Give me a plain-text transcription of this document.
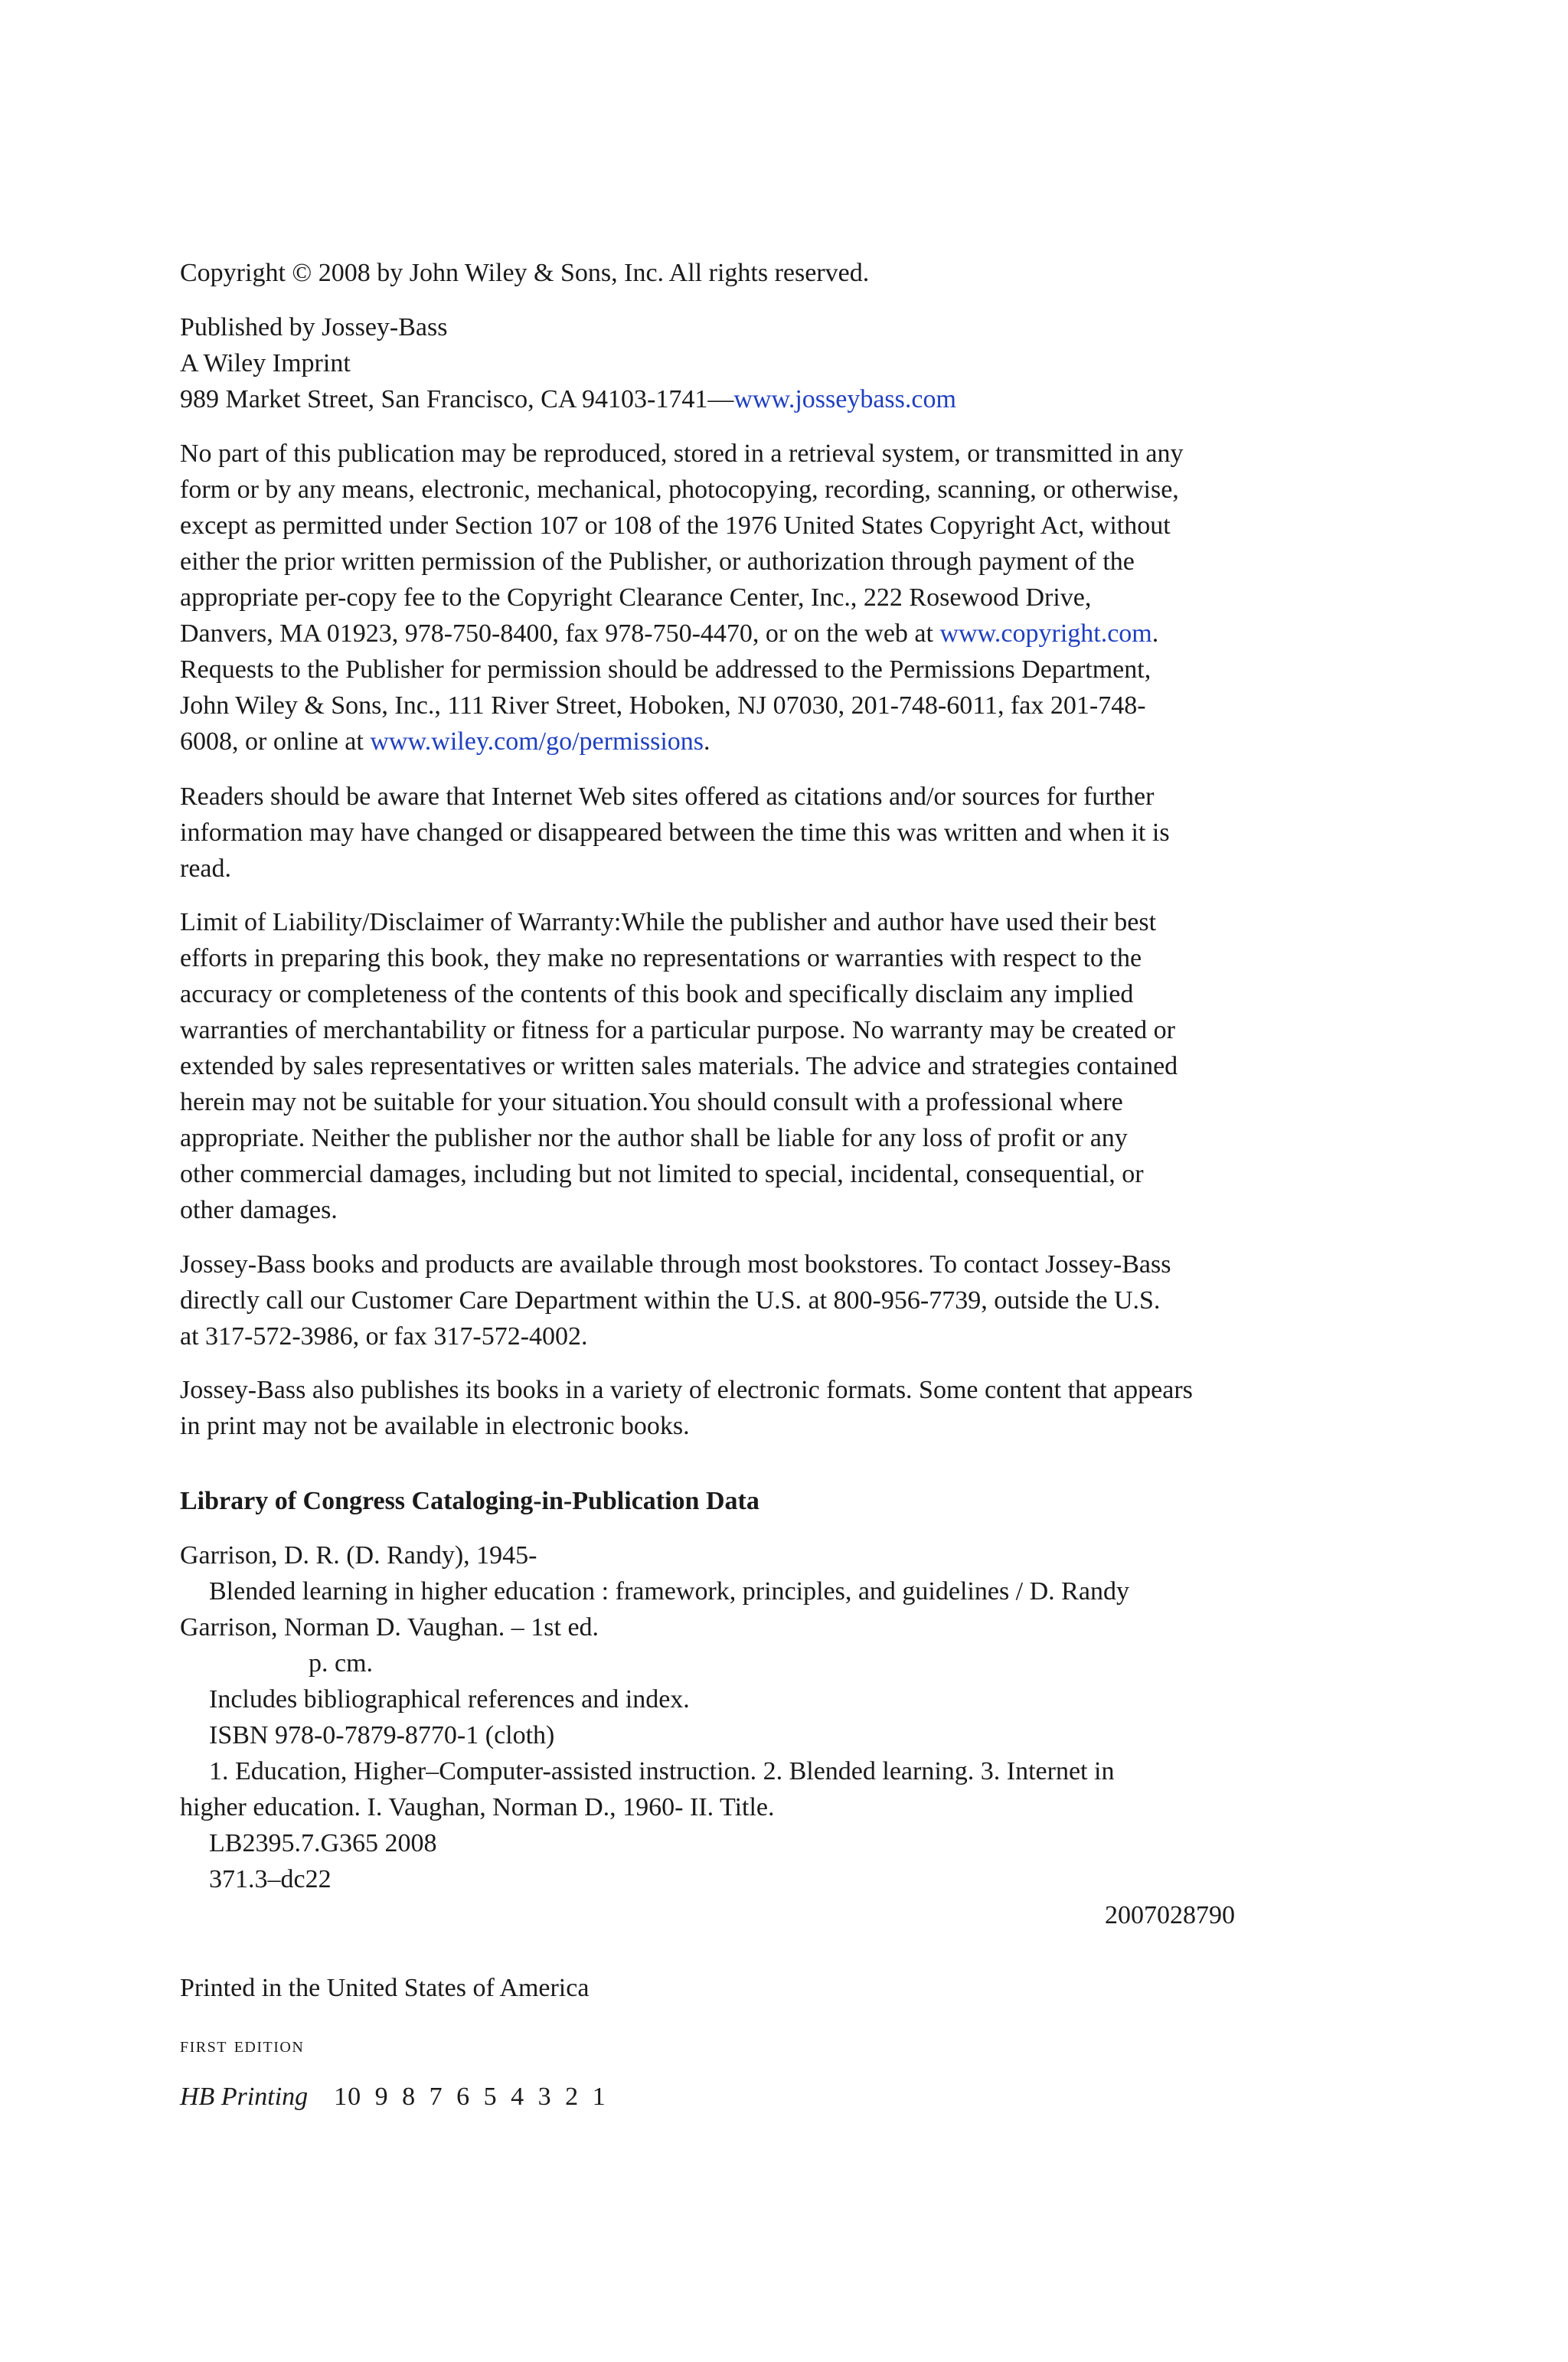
Copyright © 2008 by John Wiley & Sons, Inc. All rights reserved.

Published by Jossey-Bass
A Wiley Imprint
989 Market Street, San Francisco, CA 94103-1741—www.josseybass.com

No part of this publication may be reproduced, stored in a retrieval system, or transmitted in any
form or by any means, electronic, mechanical, photocopying, recording, scanning, or otherwise,
except as permitted under Section 107 or 108 of the 1976 United States Copyright Act, without
either the prior written permission of the Publisher, or authorization through payment of the
appropriate per-copy fee to the Copyright Clearance Center, Inc., 222 Rosewood Drive,
Danvers, MA 01923, 978-750-8400, fax 978-750-4470, or on the web at www.copyright.com.
Requests to the Publisher for permission should be addressed to the Permissions Department,
John Wiley & Sons, Inc., 111 River Street, Hoboken, NJ 07030, 201-748-6011, fax 201-748-
6008, or online at www.wiley.com/go/permissions.

Readers should be aware that Internet Web sites offered as citations and/or sources for further
information may have changed or disappeared between the time this was written and when it is
read.

Limit of Liability/Disclaimer of Warranty:While the publisher and author have used their best
efforts in preparing this book, they make no representations or warranties with respect to the
accuracy or completeness of the contents of this book and specifically disclaim any implied
warranties of merchantability or fitness for a particular purpose. No warranty may be created or
extended by sales representatives or written sales materials. The advice and strategies contained
herein may not be suitable for your situation.You should consult with a professional where
appropriate. Neither the publisher nor the author shall be liable for any loss of profit or any
other commercial damages, including but not limited to special, incidental, consequential, or
other damages.

Jossey-Bass books and products are available through most bookstores. To contact Jossey-Bass
directly call our Customer Care Department within the U.S. at 800-956-7739, outside the U.S.
at 317-572-3986, or fax 317-572-4002.

Jossey-Bass also publishes its books in a variety of electronic formats. Some content that appears
in print may not be available in electronic books.

Library of Congress Cataloging-in-Publication Data

Garrison, D. R. (D. Randy), 1945-
Blended learning in higher education : framework, principles, and guidelines / D. Randy
Garrison, Norman D. Vaughan. – 1st ed.
p. cm.
Includes bibliographical references and index.
ISBN 978-0-7879-8770-1 (cloth)
1. Education, Higher–Computer-assisted instruction. 2. Blended learning. 3. Internet in
higher education. I. Vaughan, Norman D., 1960- II. Title.
LB2395.7.G365 2008
371.3–dc22
2007028790

Printed in the United States of America

first edition

HB Printing 10 9 8 7 6 5 4 3 2 1
